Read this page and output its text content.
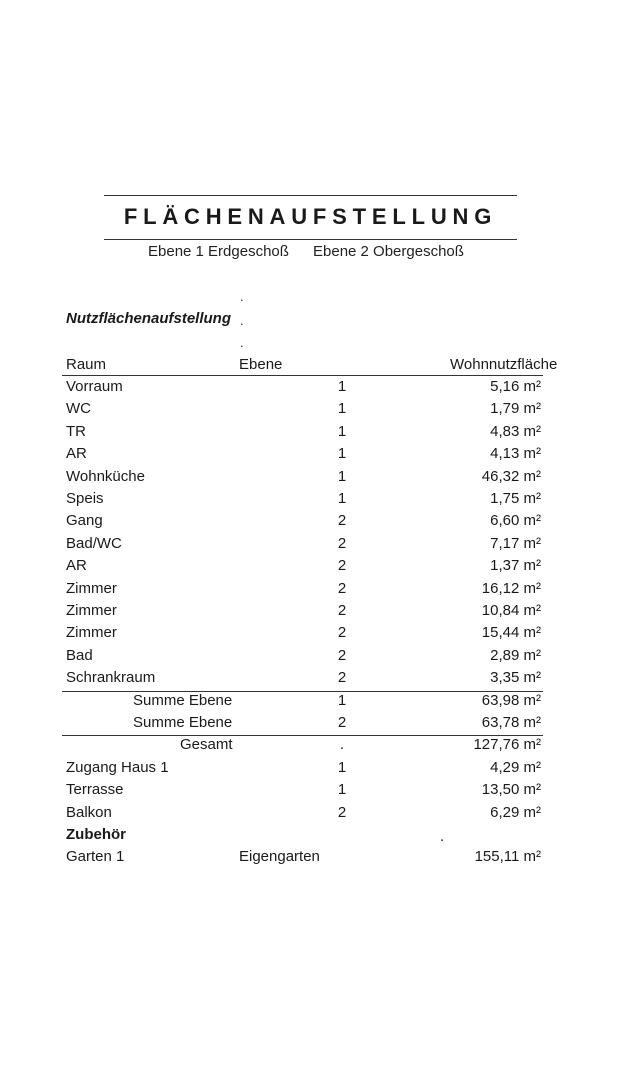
FLÄCHENAUFSTELLUNG
Ebene 1 Erdgeschoß Ebene 2 Obergeschoß
.
Nutzflächenaufstellung .
.
Raum	Ebene	Wohnnutzfläche
Vorraum	1	5,16 m²
WC	1	1,79 m²
TR	1	4,83 m²
AR	1	4,13 m²
Wohnküche	1	46,32 m²
Speis	1	1,75 m²
Gang	2	6,60 m²
Bad/WC	2	7,17 m²
AR	2	1,37 m²
Zimmer	2	16,12 m²
Zimmer	2	10,84 m²
Zimmer	2	15,44 m²
Bad	2	2,89 m²
Schrankraum	2	3,35 m²
Summe Ebene	1	63,98 m²
Summe Ebene	2	63,78 m²
Gesamt	.	127,76 m²
Zugang Haus 1	1	4,29 m²
Terrasse	1	13,50 m²
Balkon	2	6,29 m²
Zubehör	.
Garten 1	Eigengarten	155,11 m²
